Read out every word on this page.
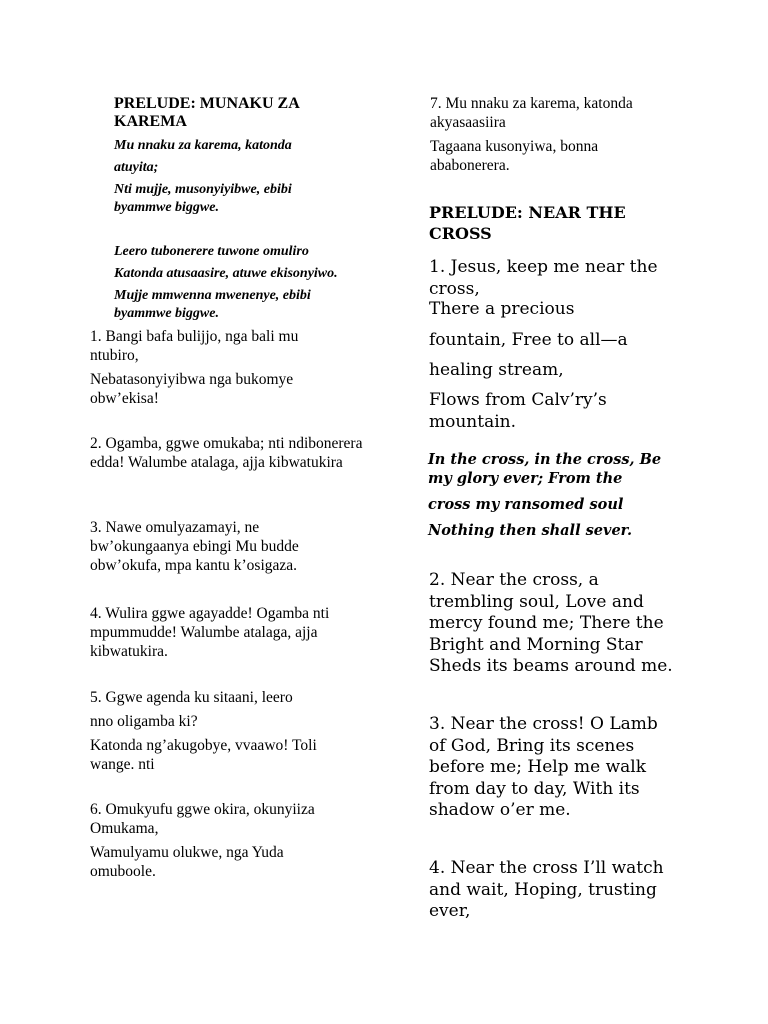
PRELUDE: MUNAKU ZA KAREMA
Mu nnaku za karema, katonda
atuyita;
Nti mujje, musonyiyibwe, ebibi byammwe biggwe.
Leero tubonerere tuwone omuliro
Katonda atusaasire, atuwe ekisonyiwo.
Mujje mmwenna mwenenye, ebibi byammwe biggwe.
1. Bangi bafa bulijjo, nga bali mu ntubiro,
Nebatasonyiyibwa nga bukomye obw’ekisa!
2. Ogamba, ggwe omukaba; nti ndibonerera edda! Walumbe atalaga, ajja kibwatukira
3. Nawe omulyazamayi, ne bw’okungaanya ebingi Mu budde obw’okufa, mpa kantu k’osigaza.
4. Wulira ggwe agayadde! Ogamba nti mpummudde! Walumbe atalaga, ajja kibwatukira.
5. Ggwe agenda ku sitaani, leero
nno oligamba ki?
Katonda ng’akugobye, vvaawo! Toli wange. nti
6. Omukyufu ggwe okira, okunyiiza Omukama,
Wamulyamu olukwe, nga Yuda omuboole.
7. Mu nnaku za karema, katonda akyasaasiira
Tagaana kusonyiwa, bonna ababonerera.
PRELUDE: NEAR THE CROSS
1. Jesus, keep me near the cross,
There a precious
fountain, Free to all—a
healing stream,
Flows from Calv’ry’s mountain.
In the cross, in the cross, Be my glory ever; From the
cross my ransomed soul
Nothing then shall sever.
2. Near the cross, a trembling soul, Love and mercy found me; There the Bright and Morning Star Sheds its beams around me.
3. Near the cross! O Lamb of God, Bring its scenes before me; Help me walk from day to day, With its shadow o’er me.
4. Near the cross I’ll watch and wait, Hoping, trusting ever,
